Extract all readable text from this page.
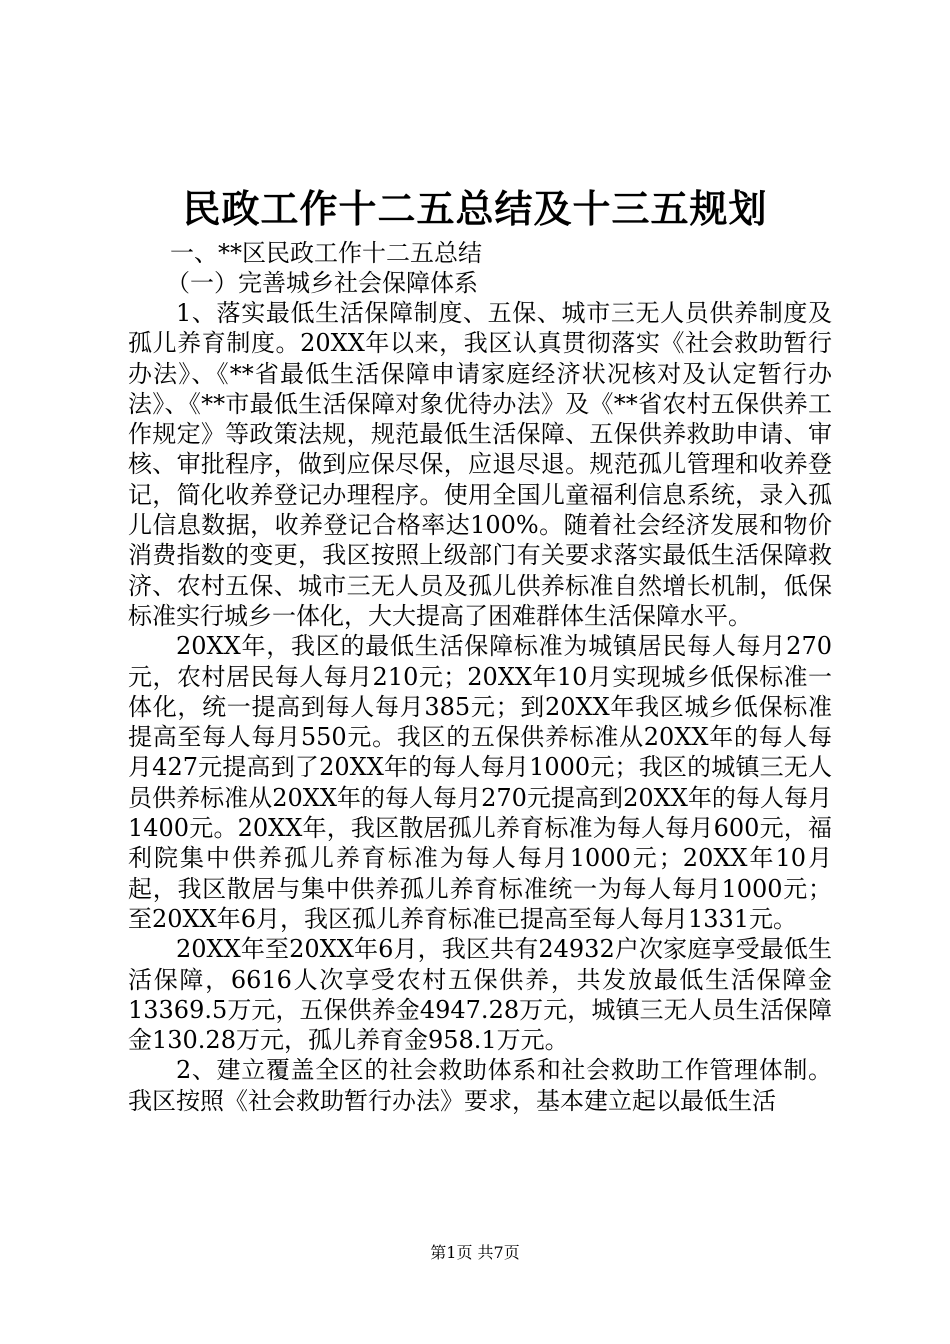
民政工作十二五总结及十三五规划
一、**区民政工作十二五总结
（一）完善城乡社会保障体系

1、落实最低生活保障制度、五保、城市三无人员供养制度及孤儿养育制度。20XX年以来，我区认真贯彻落实《社会救助暂行办法》、《**省最低生活保障申请家庭经济状况核对及认定暂行办法》、《**市最低生活保障对象优待办法》及《**省农村五保供养工作规定》等政策法规，规范最低生活保障、五保供养救助申请、审核、审批程序，做到应保尽保，应退尽退。规范孤儿管理和收养登记，简化收养登记办理程序。使用全国儿童福利信息系统，录入孤儿信息数据，收养登记合格率达100%。随着社会经济发展和物价消费指数的变更，我区按照上级部门有关要求落实最低生活保障救济、农村五保、城市三无人员及孤儿供养标准自然增长机制，低保标准实行城乡一体化，大大提高了困难群体生活保障水平。

20XX年，我区的最低生活保障标准为城镇居民每人每月270元，农村居民每人每月210元；20XX年10月实现城乡低保标准一体化，统一提高到每人每月385元；到20XX年我区城乡低保标准提高至每人每月550元。我区的五保供养标准从20XX年的每人每月427元提高到了20XX年的每人每月1000元；我区的城镇三无人员供养标准从20XX年的每人每月270元提高到20XX年的每人每月1400元。20XX年，我区散居孤儿养育标准为每人每月600元，福利院集中供养孤儿养育标准为每人每月1000元；20XX年10月起，我区散居与集中供养孤儿养育标准统一为每人每月1000元；至20XX年6月，我区孤儿养育标准已提高至每人每月1331元。

20XX年至20XX年6月，我区共有24932户次家庭享受最低生活保障，6616人次享受农村五保供养，共发放最低生活保障金13369.5万元，五保供养金4947.28万元，城镇三无人员生活保障金130.28万元，孤儿养育金958.1万元。

2、建立覆盖全区的社会救助体系和社会救助工作管理体制。我区按照《社会救助暂行办法》要求，基本建立起以最低生活

第1页 共7页
